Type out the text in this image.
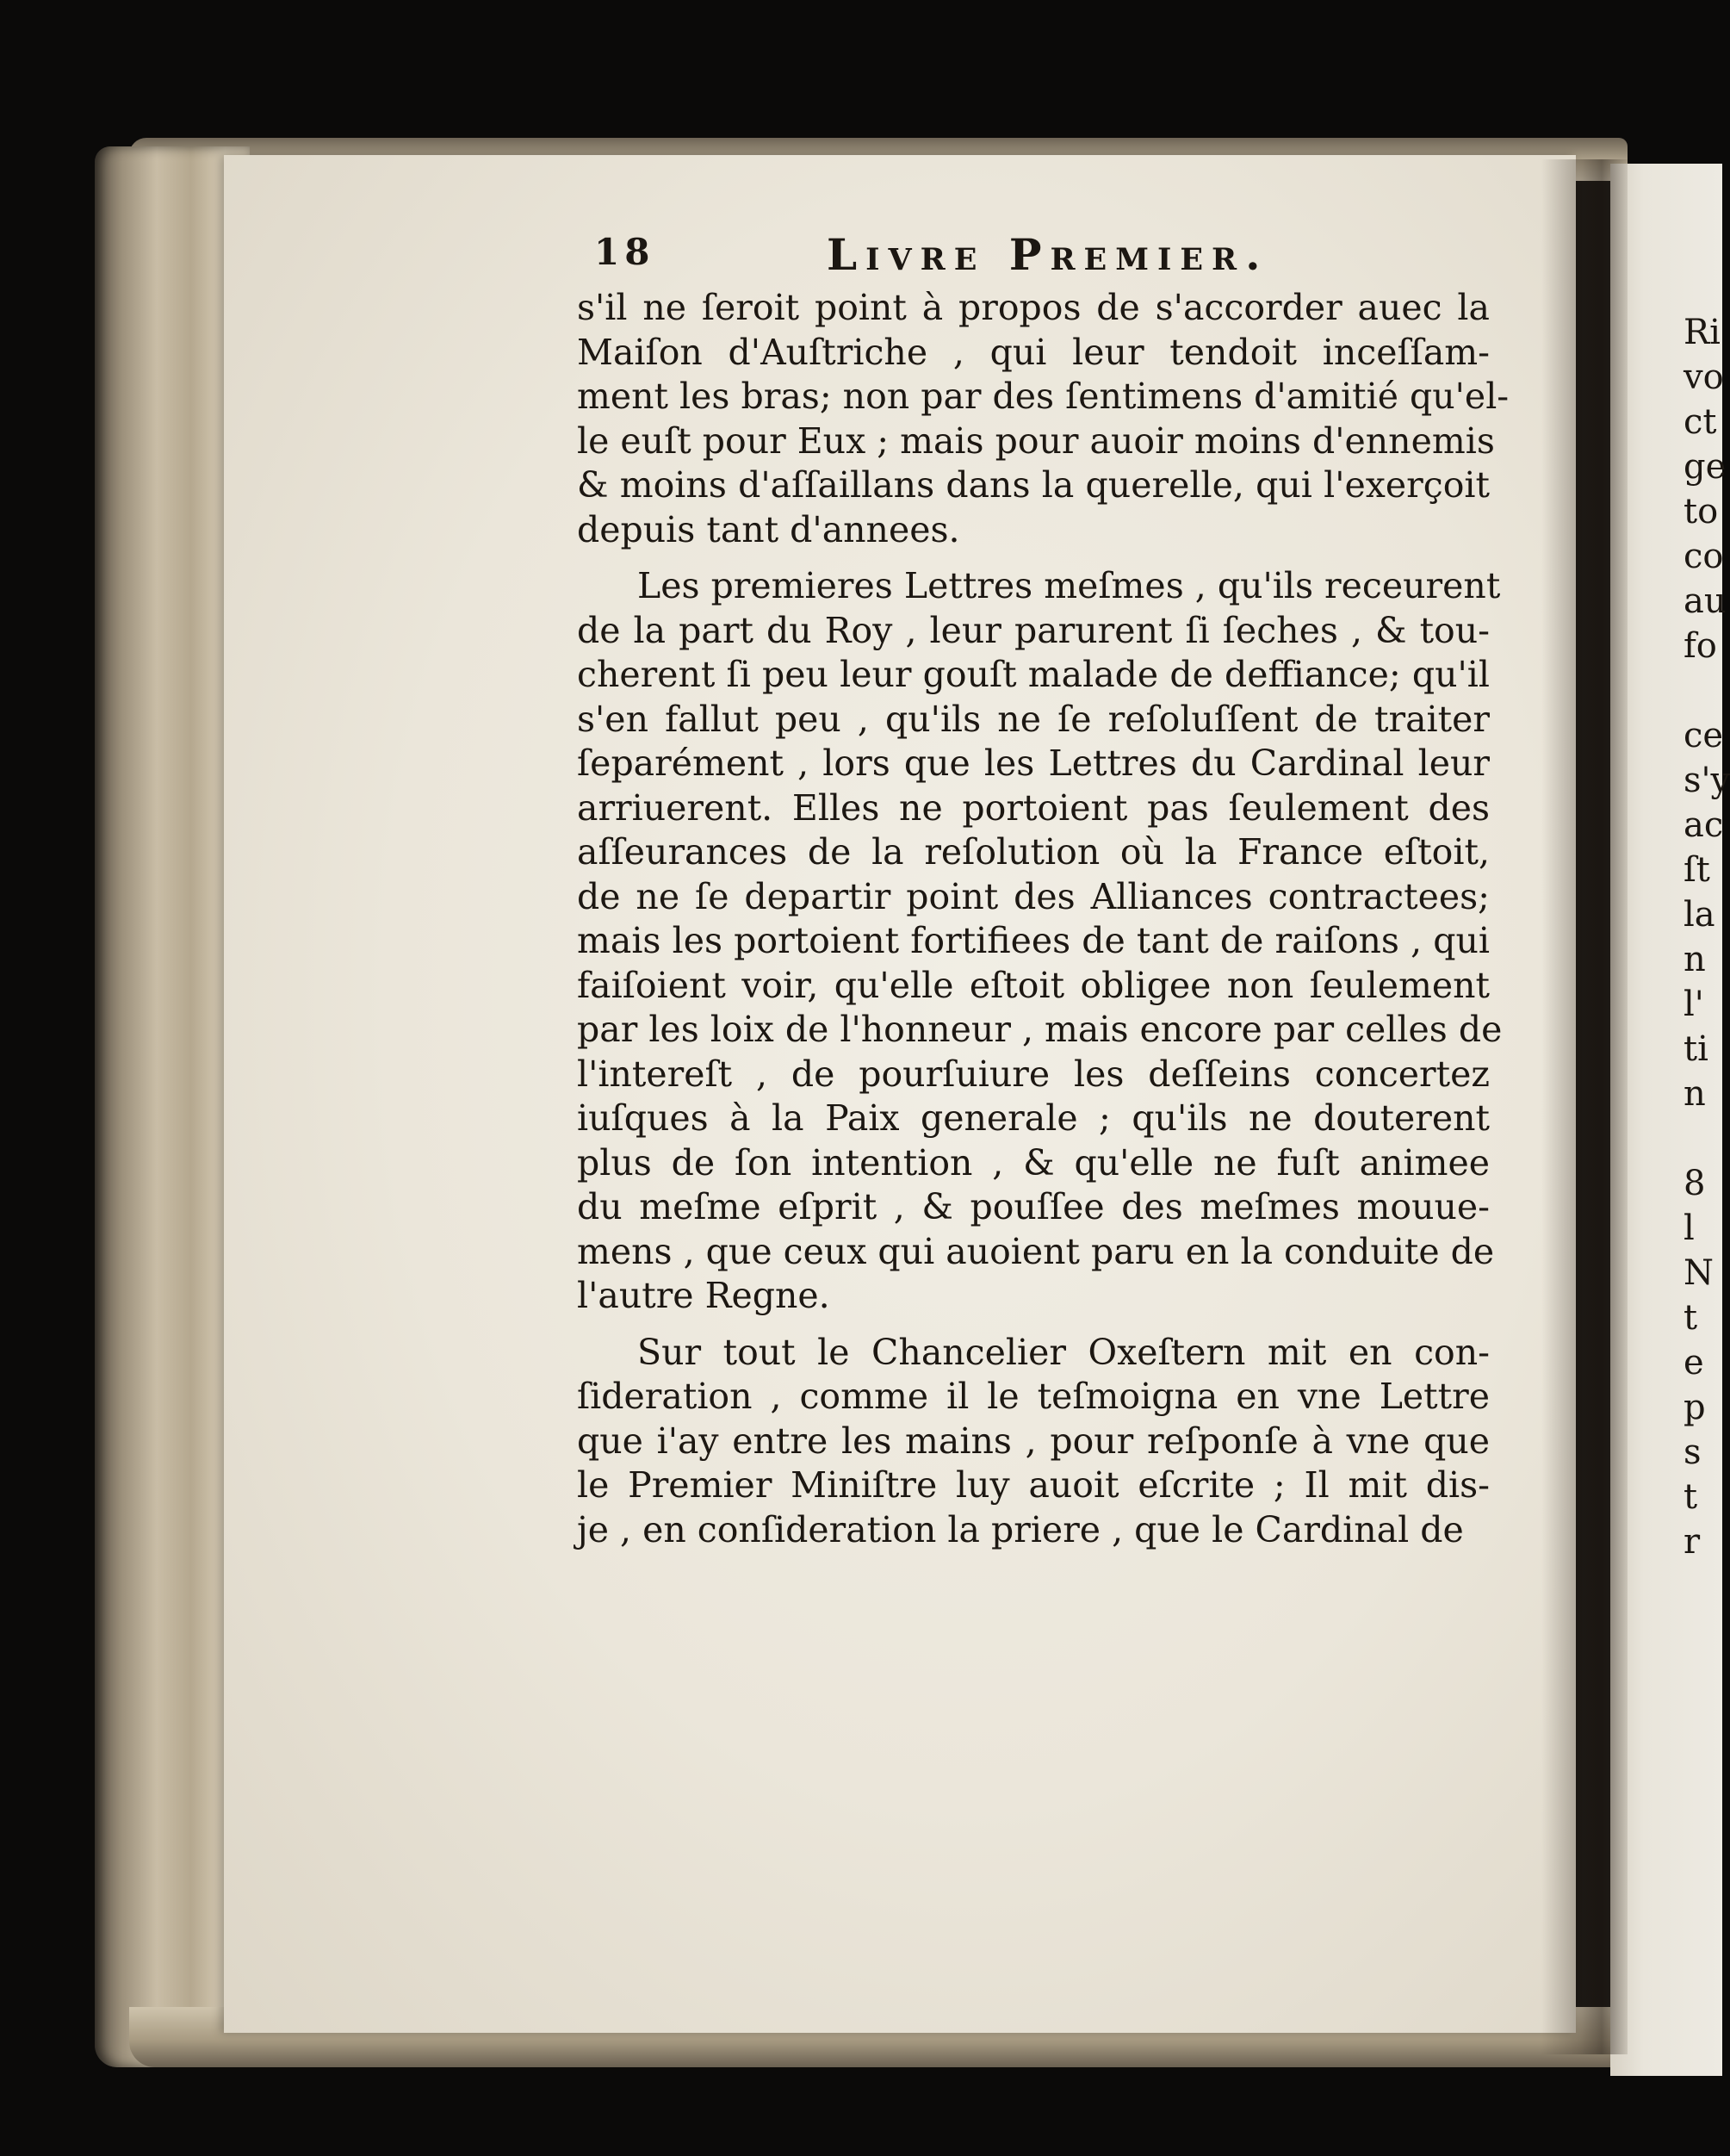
18	Livre Premier.
s'il ne ſeroit point à propos de s'accorder auec la
Maiſon d'Auſtriche , qui leur tendoit inceſſam-
ment les bras; non par des ſentimens d'amitié qu'el-
le euſt pour Eux ; mais pour auoir moins d'ennemis
& moins d'aſſaillans dans la querelle, qui l'exerçoit
depuis tant d'annees.
Les premieres Lettres meſmes , qu'ils receurent
de la part du Roy , leur parurent ſi ſeches , & tou-
cherent ſi peu leur gouſt malade de deffiance; qu'il
s'en fallut peu , qu'ils ne ſe reſoluſſent de traiter
ſeparément , lors que les Lettres du Cardinal leur
arriuerent. Elles ne portoient pas ſeulement des
aſſeurances de la reſolution où la France eſtoit,
de ne ſe departir point des Alliances contractees;
mais les portoient fortifiees de tant de raiſons , qui
faiſoient voir, qu'elle eſtoit obligee non ſeulement
par les loix de l'honneur , mais encore par celles de
l'intereſt , de pourſuiure les deſſeins concertez
iuſques à la Paix generale ; qu'ils ne douterent
plus de ſon intention , & qu'elle ne fuſt animee
du meſme eſprit , & pouſſee des meſmes mouue-
mens , que ceux qui auoient paru en la conduite de
l'autre Regne.
Sur tout le Chancelier Oxeſtern mit en con-
ſideration , comme il le teſmoigna en vne Lettre
que i'ay entre les mains , pour reſponſe à vne que
le Premier Miniſtre luy auoit eſcrite ; Il mit dis-
je , en conſideration la priere , que le Cardinal de
Ri
vo
ct
ge
to
co
au
fo
ce
s'y
ac
ſt
la
n
l'
ti
n
8
l
N
t
e
p
s
t
r
